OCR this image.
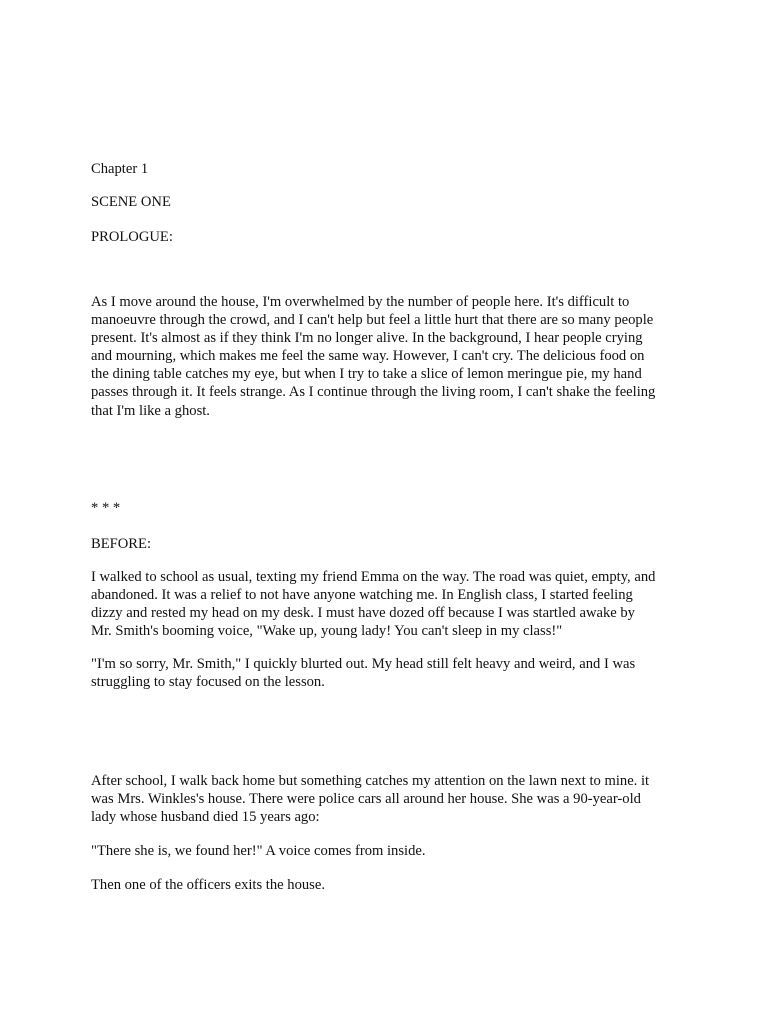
Chapter 1

SCENE ONE

PROLOGUE:

As I move around the house, I'm overwhelmed by the number of people here. It's difficult to

manoeuvre through the crowd, and I can't help but feel a little hurt that there are so many people

present. It's almost as if they think I'm no longer alive. In the background, I hear people crying

and mourning, which makes me feel the same way. However, I can't cry. The delicious food on

the dining table catches my eye, but when I try to take a slice of lemon meringue pie, my hand

passes through it. It feels strange. As I continue through the living room, I can't shake the feeling

that I'm like a ghost.

* * *

BEFORE:

I walked to school as usual, texting my friend Emma on the way. The road was quiet, empty, and

abandoned. It was a relief to not have anyone watching me. In English class, I started feeling

dizzy and rested my head on my desk. I must have dozed off because I was startled awake by

Mr. Smith's booming voice, "Wake up, young lady! You can't sleep in my class!"

"I'm so sorry, Mr. Smith," I quickly blurted out. My head still felt heavy and weird, and I was

struggling to stay focused on the lesson.

After school, I walk back home but something catches my attention on the lawn next to mine. it

was Mrs. Winkles's house. There were police cars all around her house. She was a 90-year-old

lady whose husband died 15 years ago:

"There she is, we found her!" A voice comes from inside.

Then one of the officers exits the house.
